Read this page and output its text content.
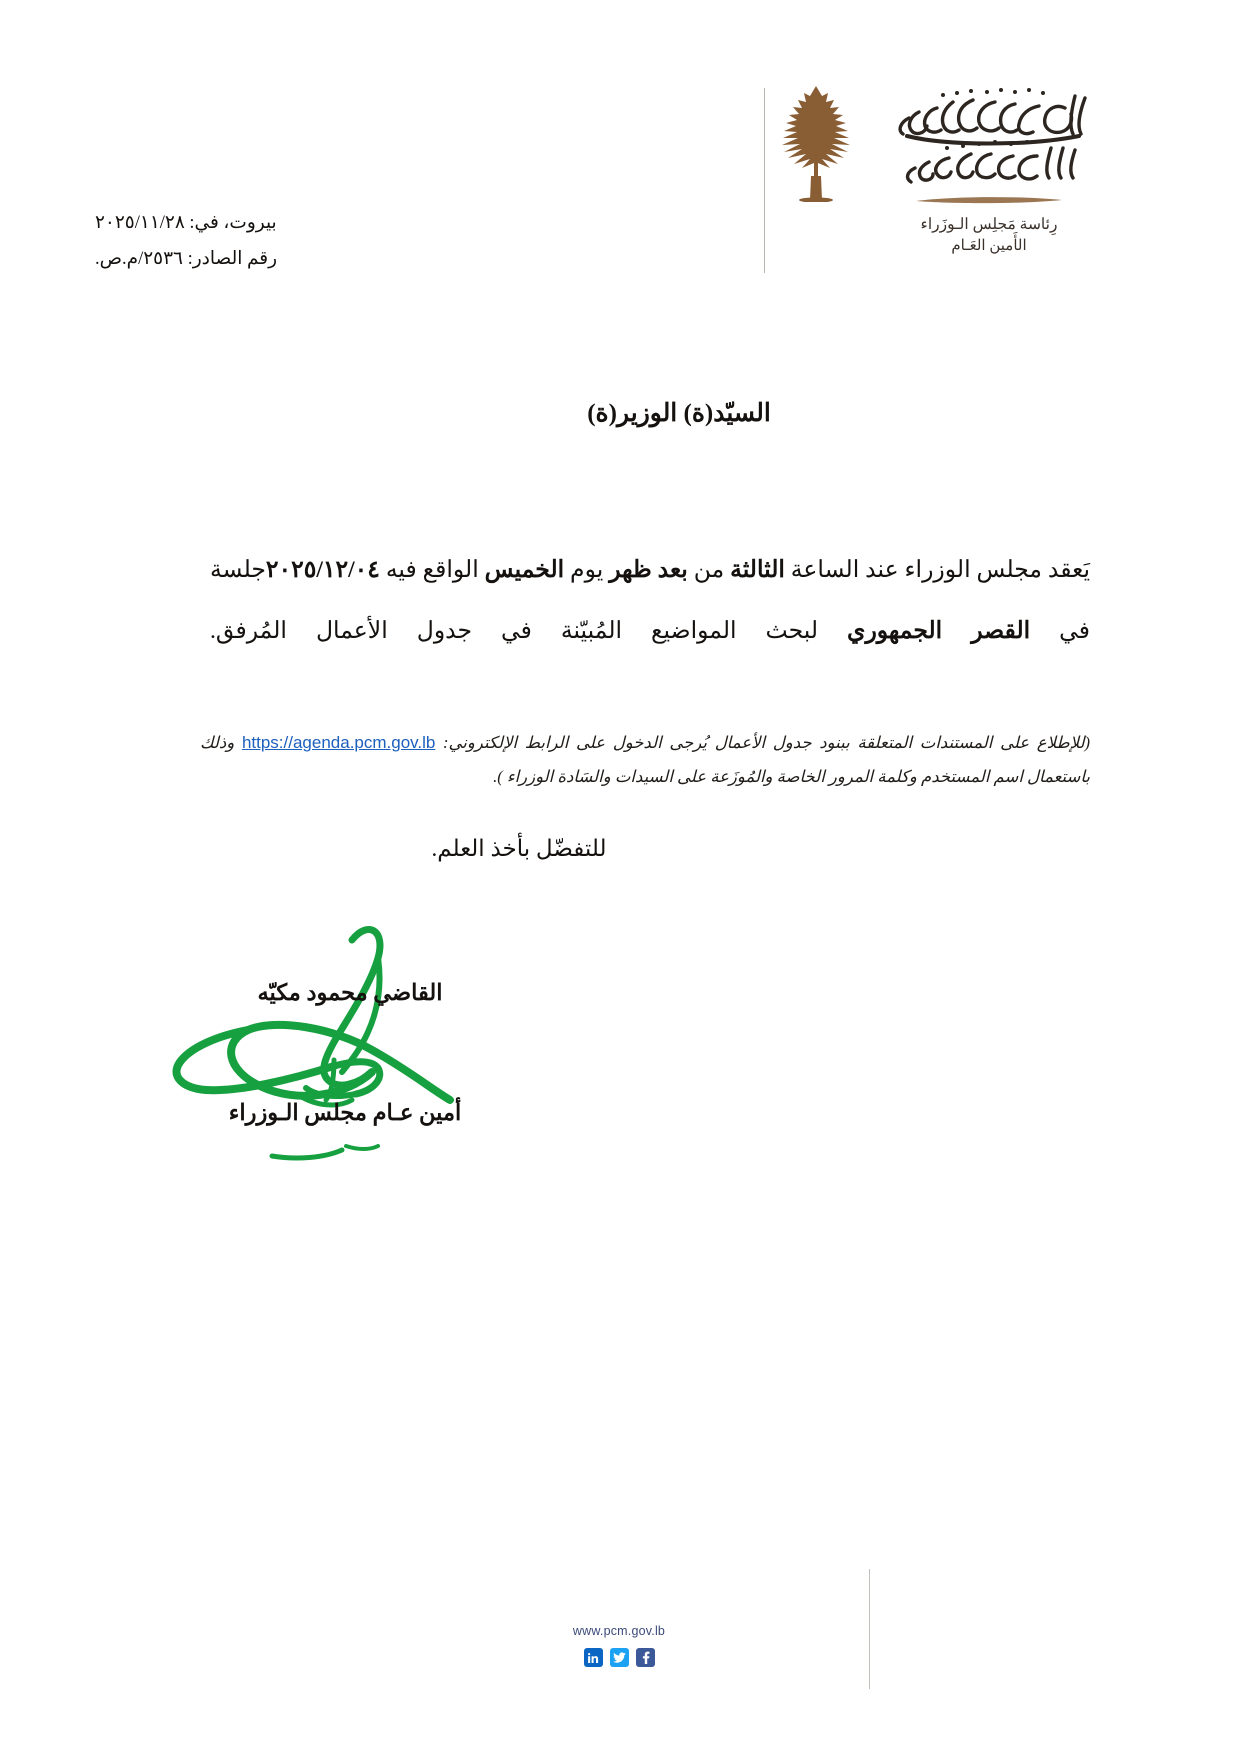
رِئاسة مَجلِس الـوزَراء
الأَمين العَـام
بيروت، في: ٢٠٢٥/١١/٢٨
رقم الصادر: ٢٥٣٦/م.ص.
السيّد(ة) الوزير(ة)

يَعقد مجلس الوزراء عند الساعة الثالثة من بعد ظهر يوم الخميس الواقع فيه ٢٠٢٥/١٢/٠٤جلسة في القصر الجمهوري لبحث المواضيع المُبيّنة في جدول الأعمال المُرفق.

(للإطلاع على المستندات المتعلقة ببنود جدول الأعمال يُرجى الدخول على الرابط الإلكتروني: https://agenda.pcm.gov.lb وذلك باستعمال اسم المستخدم وكلمة المرور الخاصة والمُوزَعة على السيدات والسَادة الوزراء ).
للتفضّل بأخذ العلم.
القاضي محمود مكيّه
أمين عـام مجلس الـوزراء
www.pcm.gov.lb
